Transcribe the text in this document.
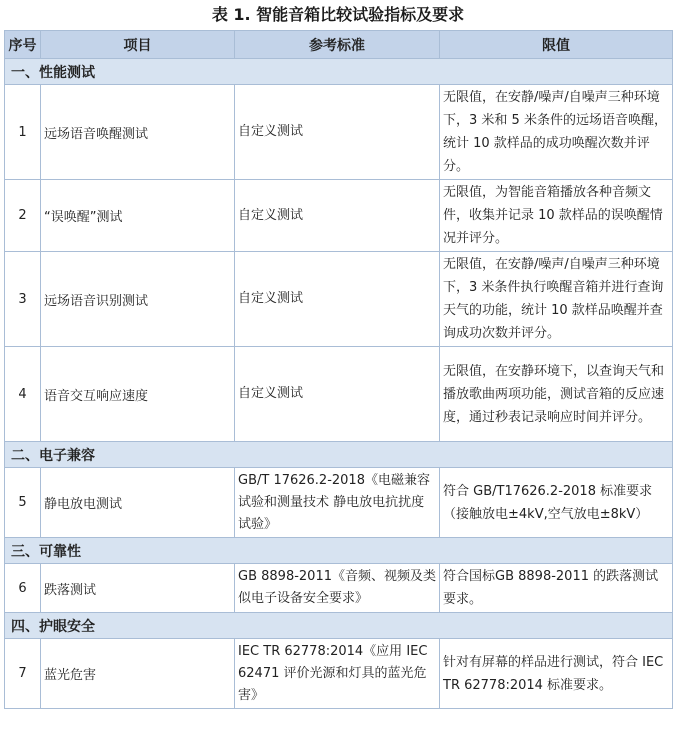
表 1. 智能音箱比较试验指标及要求
序号	项目	参考标准	限值
一、性能测试			
1	远场语音唤醒测试	自定义测试	无限值，在安静/噪声/自噪声三种环境下，3 米和 5 米条件的远场语音唤醒，统计 10 款样品的成功唤醒次数并评分。
2	“误唤醒”测试	自定义测试	无限值，为智能音箱播放各种音频文件，收集并记录 10 款样品的误唤醒情况并评分。
3	远场语音识别测试	自定义测试	无限值，在安静/噪声/自噪声三种环境下，3 米条件执行唤醒音箱并进行查询天气的功能，统计 10 款样品唤醒并查询成功次数并评分。
4	语音交互响应速度	自定义测试	无限值，在安静环境下，以查询天气和播放歌曲两项功能，测试音箱的反应速度，通过秒表记录响应时间并评分。
二、电子兼容			
5	静电放电测试	GB/T 17626.2-2018《电磁兼容试验和测量技术 静电放电抗扰度试验》	符合 GB/T17626.2-2018 标准要求（接触放电±4kV,空气放电±8kV）
三、可靠性			
6	跌落测试	GB 8898-2011《音频、视频及类似电子设备安全要求》	符合国标GB 8898-2011 的跌落测试要求。
四、护眼安全			
7	蓝光危害	IEC TR 62778:2014《应用 IEC 62471 评价光源和灯具的蓝光危害》	针对有屏幕的样品进行测试，符合 IEC TR 62778:2014 标准要求。
